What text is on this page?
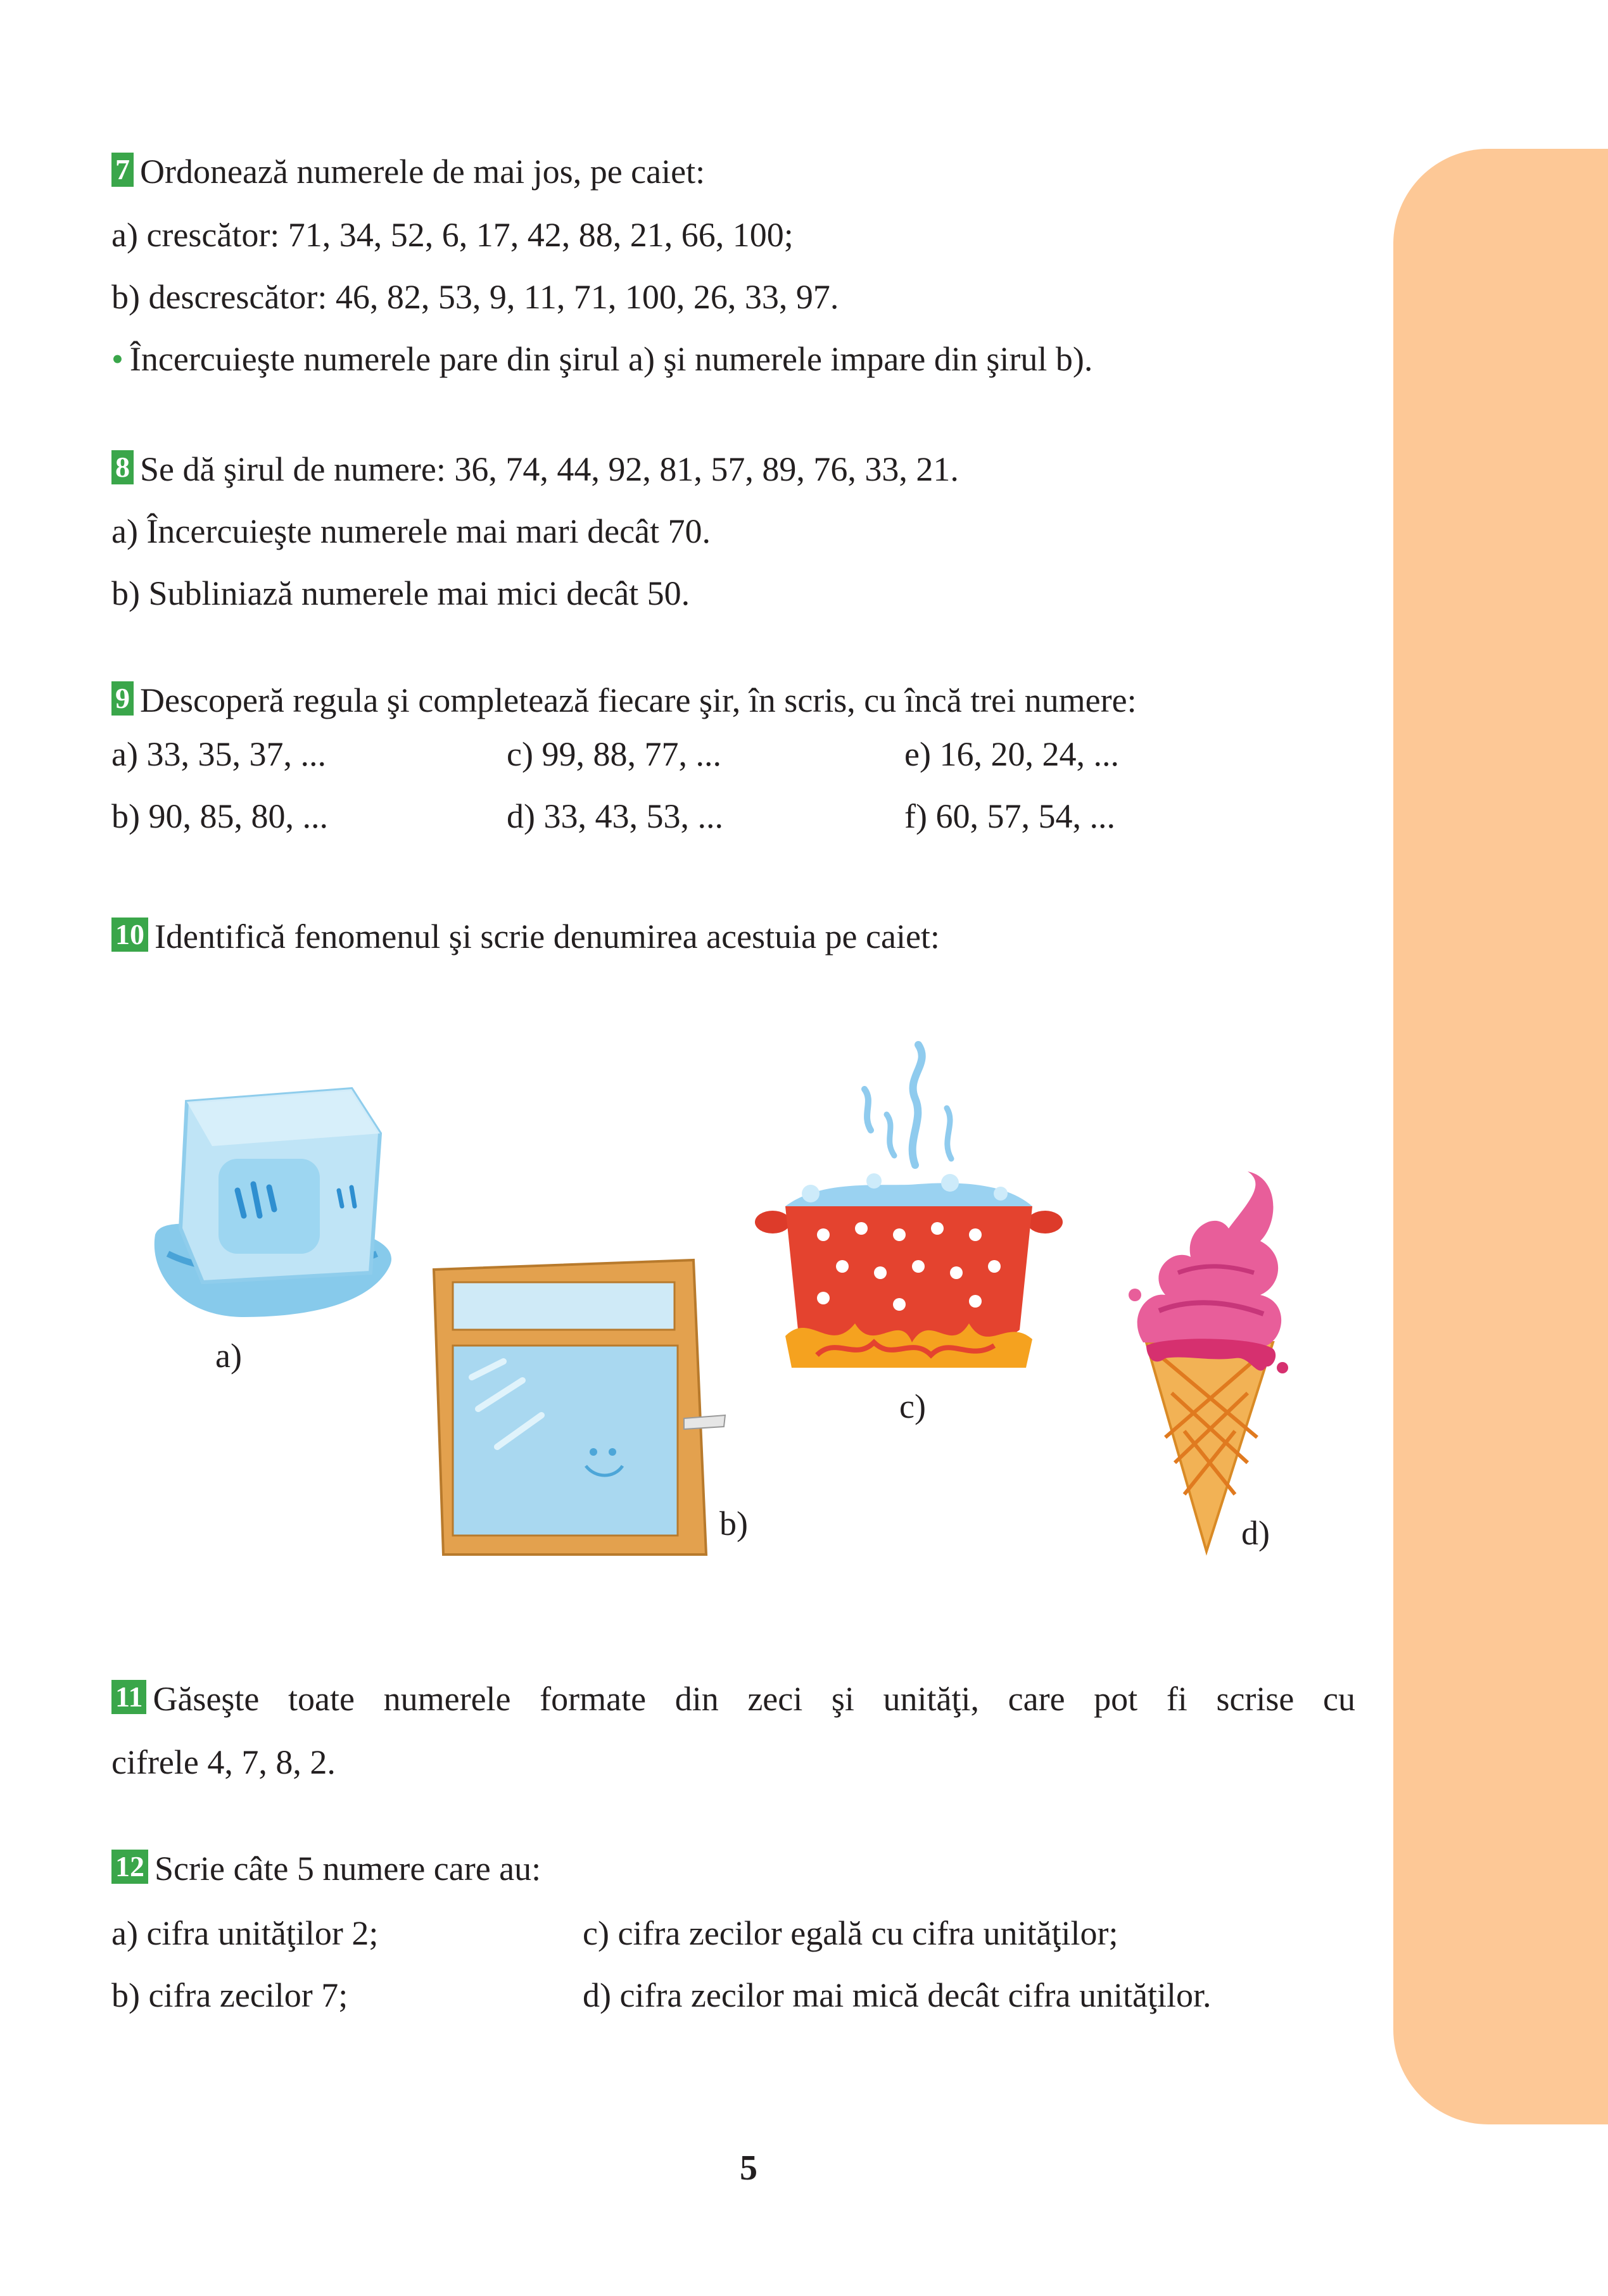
7 Ordonează numerele de mai jos, pe caiet:
a) crescător: 71, 34, 52, 6, 17, 42, 88, 21, 66, 100;
b) descrescător: 46, 82, 53, 9, 11, 71, 100, 26, 33, 97.
• Încercuieşte numerele pare din şirul a) şi numerele impare din şirul b).
8 Se dă şirul de numere: 36, 74, 44, 92, 81, 57, 89, 76, 33, 21.
a) Încercuieşte numerele mai mari decât 70.
b) Subliniază numerele mai mici decât 50.
9 Descoperă regula şi completează fiecare şir, în scris, cu încă trei numere:
a) 33, 35, 37, ...
b) 90, 85, 80, ...
c) 99, 88, 77, ...
d) 33, 43, 53, ...
e) 16, 20, 24, ...
f) 60, 57, 54, ...
10 Identifică fenomenul şi scrie denumirea acestuia pe caiet:
a)
b)
c)
d)
11 Găseşte toate numerele formate din zeci şi unităţi, care pot fi scrise cu
cifrele 4, 7, 8, 2.
12 Scrie câte 5 numere care au:
a) cifra unităţilor 2;
b) cifra zecilor 7;
c) cifra zecilor egală cu cifra unităţilor;
d) cifra zecilor mai mică decât cifra unităţilor.
5
